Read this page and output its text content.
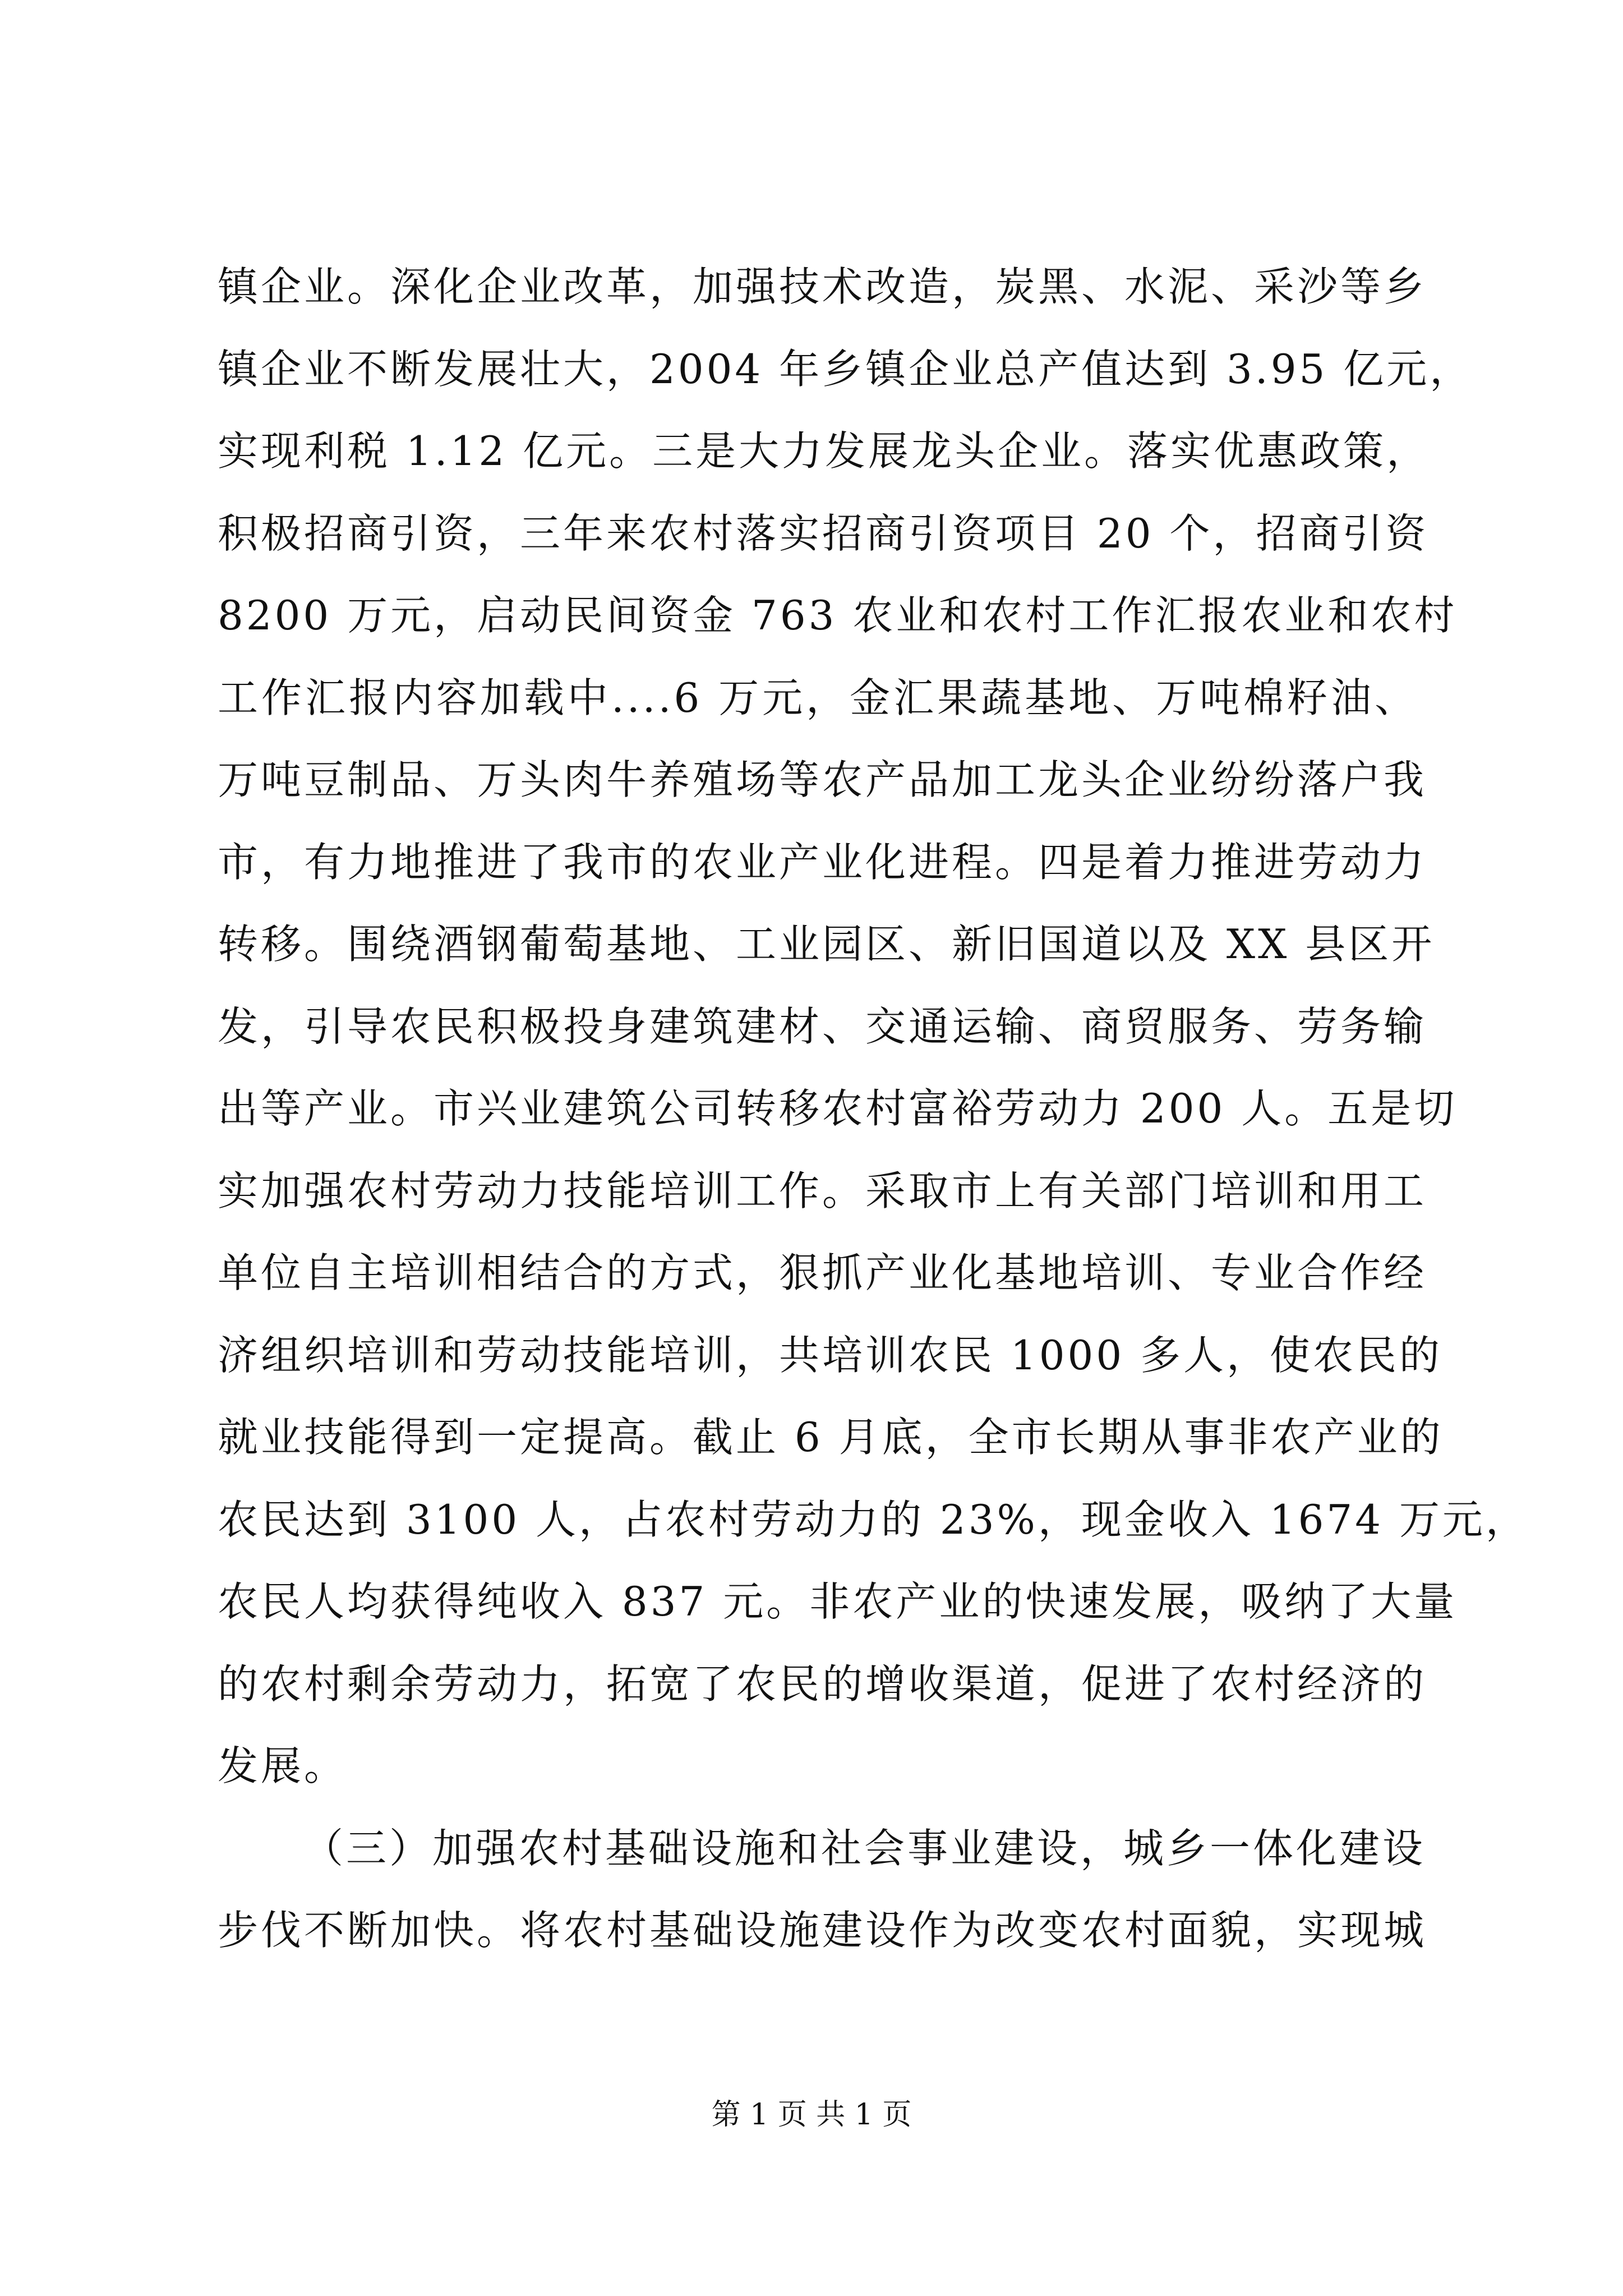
镇企业。深化企业改革，加强技术改造，炭黑、水泥、采沙等乡
镇企业不断发展壮大，2004 年乡镇企业总产值达到 3.95 亿元，
实现利税 1.12 亿元。三是大力发展龙头企业。落实优惠政策，
积极招商引资，三年来农村落实招商引资项目 20 个，招商引资
8200 万元，启动民间资金 763 农业和农村工作汇报农业和农村
工作汇报内容加载中....6 万元，金汇果蔬基地、万吨棉籽油、
万吨豆制品、万头肉牛养殖场等农产品加工龙头企业纷纷落户我
市，有力地推进了我市的农业产业化进程。四是着力推进劳动力
转移。围绕酒钢葡萄基地、工业园区、新旧国道以及 XX 县区开
发，引导农民积极投身建筑建材、交通运输、商贸服务、劳务输
出等产业。市兴业建筑公司转移农村富裕劳动力 200 人。五是切
实加强农村劳动力技能培训工作。采取市上有关部门培训和用工
单位自主培训相结合的方式，狠抓产业化基地培训、专业合作经
济组织培训和劳动技能培训，共培训农民 1000 多人，使农民的
就业技能得到一定提高。截止 6 月底，全市长期从事非农产业的
农民达到 3100 人，占农村劳动力的 23%，现金收入 1674 万元，
农民人均获得纯收入 837 元。非农产业的快速发展，吸纳了大量
的农村剩余劳动力，拓宽了农民的增收渠道，促进了农村经济的
发展。
（三）加强农村基础设施和社会事业建设，城乡一体化建设
步伐不断加快。将农村基础设施建设作为改变农村面貌，实现城
第 1 页 共 1 页
